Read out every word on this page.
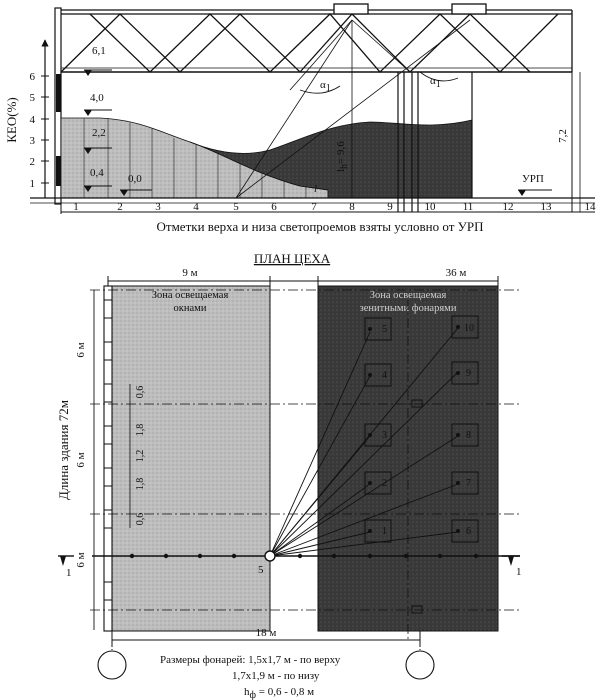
КЕО(%)
1
2
3
4
5
6
α1
α1
lh= 9,6
l
6,1
4,0
2,2
0,4 0,0	УРП
7,2
1	2	3	4	5	6	7	8	9	10 11	12 13	14
Отметки верха и низа светопроемов взяты условно от УРП
ПЛАН ЦЕХА
9 м	36 м
Зона освещаемая
окнами
Зона освещаемая
зенитными фонарями
6 м
6 м
6 м
Длина здания 72м
0,6
1,8
1,2
1,8
0,6
5
4
3
2
1
10
9
8
7
6
5
1	1
18 м
Размеры фонарей: 1,5х1,7 м - по верху
1,7х1,9 м - по низу
hф = 0,6 - 0,8 м
